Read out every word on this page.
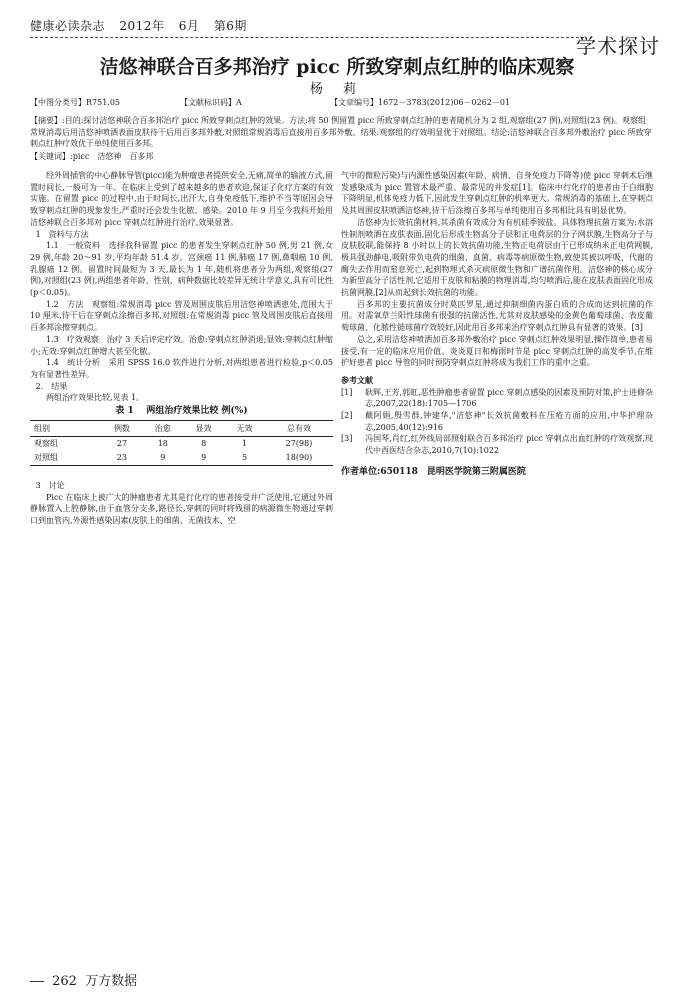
健康必读杂志 2012年 6月 第6期
学术探讨
洁悠神联合百多邦治疗 picc 所致穿刺点红肿的临床观察
杨 莉
【中图分类号】R751.05	【文献标识码】A	【文章编号】1672－3783(2012)06－0262－01
【摘要】:目的:探讨洁悠神联合百多邦治疗 picc 所致穿刺点红肿的效果。方法:将 50 例留置 picc 所致穿刺点红肿的患者随机分为 2 组,观察组(27 例),对照组(23 例)。观察组常规消毒后用洁悠神喷洒表面皮肤待干后用百多邦外敷,对照组常规消毒后直接用百多邦外敷。结果:观察组的疗效明显优于对照组。结论:洁悠神联合百多邦外敷治疗 picc 所致穿刺点红肿疗效优于单纯使用百多邦。
【关键词】:picc　洁悠神　百多邦

经外周插管的中心静脉导管(picc)能为肿瘤患者提供安全,无痛,简单的输液方式,留置时间长,一般可为一年。在临床上受到了越来越多的患者欢迎,保证了化疗方案的有效实施。在留置 picc 的过程中,由于时间长,出汗大,自身免疫低下,维护不当等原因会导致穿刺点红肿的现象发生,严重时还会发生化脓、感染。2010 年 9 月至今我科开始用洁悠神联合百多邦对 picc 穿刺点红肿进行治疗,效果显著。

1　资料与方法

1.1　一般资料　选择我科留置 picc 的患者发生穿刺点红肿 50 例,男 21 例,女 29 例,年龄 20～91 岁,平均年龄 51.4 岁。宫颈癌 11 例,肺癌 17 例,鼻咽癌 10 例,乳腺癌 12 例。留置时间最短为 3 天,最长为 1 年,随机将患者分为两组,观察组(27 例),对照组(23 例),两组患者年龄、性别、病种数据比较差异无统计学意义,具有可比性(p＜0.05)。

1.2　方法　观察组:常规消毒 picc 管及周围皮肤后用洁悠神喷洒患处,范围大于 10 厘米,待干后在穿刺点涂擦百多邦,对照组:在常规消毒 picc 管及周围皮肤后直接用百多邦涂擦穿刺点。

1.3　疗效观察　治疗 3 天后评定疗效。治愈:穿刺点红肿消退;显效:穿刺点红肿缩小;无效:穿刺点红肿增大甚至化脓。

1.4　统计分析　采用 SPSS 16.0 软件进行分析,对两组患者进行检验,p＜0.05 为有显著性差异。

2.　结果

两组治疗效果比较,见表 1。

表 1 两组治疗效果比较 例(%)
组别	例数	治愈	显效	无效	总有效
观察组	27	18	8	1	27(98)
对照组	23	9	9	5	18(90)

3　讨论

Picc 在临床上被广大的肿瘤患者尤其是行化疗的患者接受并广泛使用,它通过外周静脉置入上腔静脉,由于血管分支多,路径长,穿刺的同时将残留的病源微生物通过穿刺口到血管内,外源性感染因素(皮肤上的细菌、无菌技术、空

气中的微粒污染)与内源性感染因素(年龄、病情、自身免疫力下降等)使 picc 穿刺术后继发感染成为 picc 置管术最严重、最常见的并发症[1]。临床中行化疗的患者由于白细胞下降明显,机体免疫力低下,因此发生穿刺点红肿的机率更大。常规消毒的基础上,在穿刺点及其周围皮肤喷洒洁悠神,待干后涂擦百多邦与单纯使用百多邦相比具有明显优势。

洁悠神为长效抗菌材料,其杀菌有效成分为有机硅季铵盐。具体物理抗菌方案为:水溶性制剂喷洒在皮肤表面,固化后形成生物高分子层和正电荷层的分子网状膜,生物高分子与皮肤胶联,能保持 8 小时以上的长效抗菌功能,生物正电荷层由于已形成纳米正电荷网膜,极具强劲静电,吸附带负电荷的细菌、真菌、病毒等病原微生物,致使其被以呼吸、代谢的酶失去作用而窒息死亡,起到物理式杀灭病原微生物和广谱抗菌作用。洁悠神的核心成分为新型高分子活性剂,它适用于皮肤和粘膜的物理消毒,均匀喷洒后,能在皮肤表面固化形成抗菌网膜,[2]从而起到长效抗菌的功能。

百多邦的主要抗菌成分时莫匹罗星,通过抑制细菌内蛋白质的合成而达到抗菌的作用。对需氧草兰阳性球菌有很强的抗菌活性,尤其对皮肤感染的金黄色葡萄球菌、表皮葡萄球菌、化脓性链球菌疗效较好,因此用百多邦来治疗穿刺点红肿具有显著的效果。[3]

总之,采用洁悠神喷洒加百多邦外敷治疗 picc 穿刺点红肿效果明显,操作简单,患者易接受,有一定的临床应用价值。炎炎夏日和梅雨时节是 picc 穿刺点红肿的高发季节,在维护好患者 picc 导管的同时预防穿刺点红肿将成为我们工作的重中之重。

参考文献
[1]	耿辉,王芳,郭虹,恶性肿瘤患者留置 picc 穿刺点感染的因素及预防对策,护士进修杂志,2007,22(18):1705—1706
[2]	戴阿娟,殷雪群,钟建华,"洁悠神"长效抗菌敷料在压疮方面的应用,中华护理杂志,2005,40(12):916
[3]	冯国琴,肖红,红外线局部照射联合百多邦治疗 picc 穿刺点出血红肿的疗效观察,现代中西医结合杂志,2010,7(10):1022
作者单位:650118　昆明医学院第三附属医院
262 万方数据
